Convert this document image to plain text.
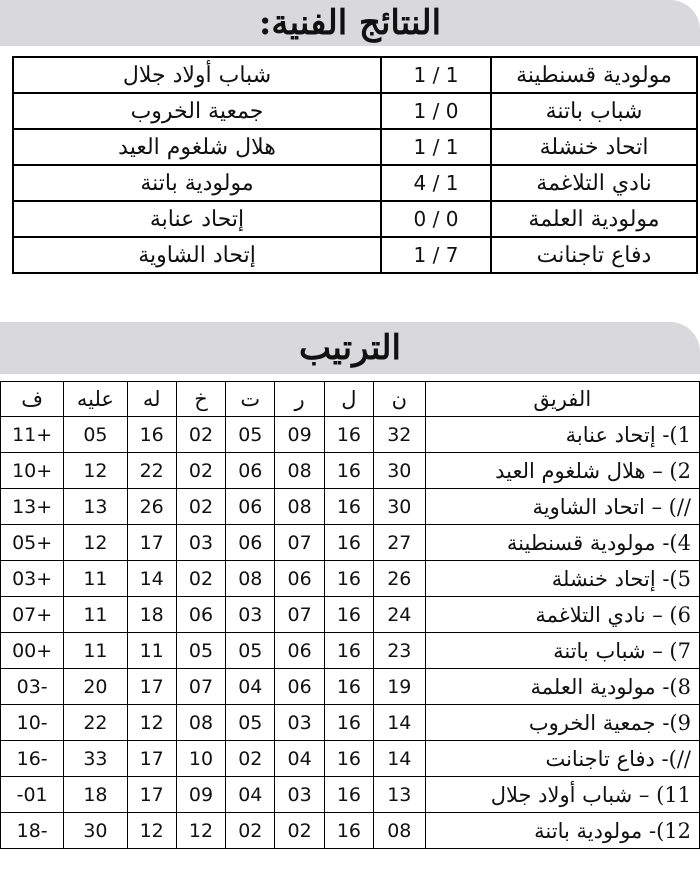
النتائج الفنية:
مولودية قسنطينة	1 / 1	شباب أولاد جلال
شباب باتنة	1 / 0	جمعية الخروب
اتحاد خنشلة	1 / 1	هلال شلغوم العيد
نادي التلاغمة	4 / 1	مولودية باتنة
مولودية العلمة	0 / 0	إتحاد عنابة
دفاع تاجنانت	1 / 7	إتحاد الشاوية
الترتيب
الفريق	ن	ل	ر	ت	خ	له	عليه	ف
1)- إتحاد عنابة	32	16	09	05	02	16	05	+11
2) – هلال شلغوم العيد	30	16	08	06	02	22	12	+10
//) – اتحاد الشاوية	30	16	08	06	02	26	13	+13
4)- مولودية قسنطينة	27	16	07	06	03	17	12	+05
5)- إتحاد خنشلة	26	16	06	08	02	14	11	+03
6) – نادي التلاغمة	24	16	07	03	06	18	11	+07
7) – شباب باتنة	23	16	06	05	05	11	11	+00
8)- مولودية العلمة	19	16	06	04	07	17	20	-03
9)- جمعية الخروب	14	16	03	05	08	12	22	-10
//)- دفاع تاجنانت	14	16	04	02	10	17	33	-16
11) – شباب أولاد جلال	13	16	03	04	09	17	18	01-
12)- مولودية باتنة	08	16	02	02	12	12	30	-18
